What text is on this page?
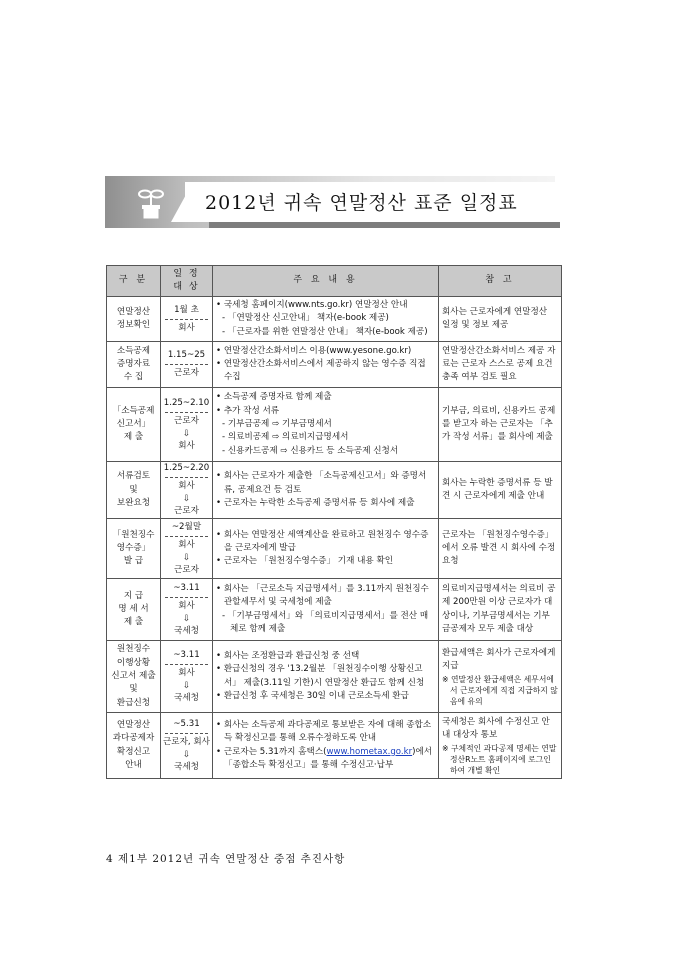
2012년 귀속 연말정산 표준 일정표
구 분	일 정
대 상	주 요 내 용	참 고

연말정산
정보확인	1월 초
회사	• 국세청 홈페이지(www.nts.go.kr) 연말정산 안내
- 「연말정산 신고안내」 책자(e-book 제공)
- 「근로자를 위한 연말정산 안내」 책자(e-book 제공)	회사는 근로자에게 연말정산 일정 및 정보 제공

소득공제
증명자료
수 집	1.15~25
근로자	• 연말정산간소화서비스 이용(www.yesone.go.kr)
• 연말정산간소화서비스에서 제공하지 않는 영수증 직접 수집	연말정산간소화서비스 제공 자료는 근로자 스스로 공제 요건 충족 여부 검토 필요

「소득공제
신고서」
제 출	1.25~2.10
근로자
⇩
회사	• 소득공제 증명자료 함께 제출
• 추가 작성 서류
- 기부금공제 ⇨ 기부금명세서
- 의료비공제 ⇨ 의료비지급명세서
- 신용카드공제 ⇨ 신용카드 등 소득공제 신청서	기부금, 의료비, 신용카드 공제를 받고자 하는 근로자는 「추가 작성 서류」를 회사에 제출

서류검토
및
보완요청	1.25~2.20
회사
⇩
근로자	• 회사는 근로자가 제출한 「소득공제신고서」와 증명서류, 공제요건 등 검토
• 근로자는 누락한 소득공제 증명서류 등 회사에 제출	회사는 누락한 증명서류 등 발견 시 근로자에게 제출 안내

「원천징수
영수증」
발 급	~2월말
회사
⇩
근로자	• 회사는 연말정산 세액계산을 완료하고 원천징수 영수증을 근로자에게 발급
• 근로자는 「원천징수영수증」 기재 내용 확인	근로자는 「원천징수영수증」에서 오류 발견 시 회사에 수정 요청

지 급
명 세 서
제 출	~3.11
회사
⇩
국세청	• 회사는 「근로소득 지급명세서」를 3.11까지 원천징수 관할세무서 및 국세청에 제출
- 「기부금명세서」와 「의료비지급명세서」를 전산 매체로 함께 제출	의료비지급명세서는 의료비 공제 200만원 이상 근로자가 대상이나, 기부금명세서는 기부금공제자 모두 제출 대상

원천징수
이행상황
신고서 제출
및
환급신청	~3.11
회사
⇩
국세청	• 회사는 조정환급과 환급신청 중 선택
• 환급신청의 경우 '13.2월분 「원천징수이행 상황신고서」 제출(3.11일 기한)시 연말정산 환급도 함께 신청
• 환급신청 후 국세청은 30일 이내 근로소득세 환급	환급세액은 회사가 근로자에게 지급
※ 연말정산 환급세액은 세무서에서 근로자에게 직접 지급하지 않음에 유의

연말정산
과다공제자
확정신고
안내	~5.31
근로자, 회사
⇩
국세청	• 회사는 소득공제 과다공제로 통보받은 자에 대해 종합소득 확정신고를 통해 오류수정하도록 안내
• 근로자는 5.31까지 홈택스(www.hometax.go.kr)에서 「종합소득 확정신고」를 통해 수정신고·납부	국세청은 회사에 수정신고 안내 대상자 통보
※ 구체적인 과다공제 명세는 연말정산R노트 홈페이지에 로그인하여 개별 확인
4 제1부 2012년 귀속 연말정산 중점 추진사항
